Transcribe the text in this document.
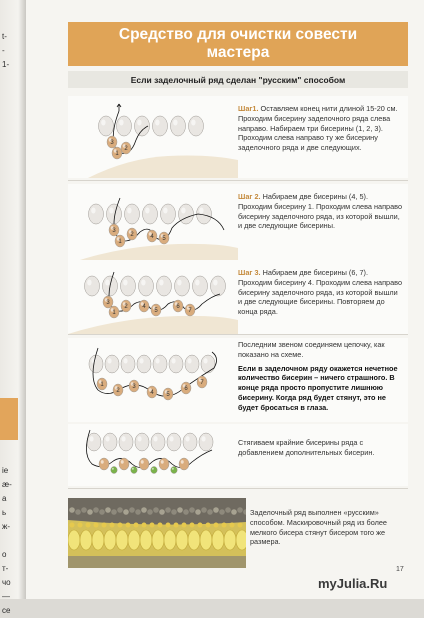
t-
-
1-
ie
æ-
a
ь
ж-
о
т-
чо
—
се
Средство для очистки совести мастера
Если заделочный ряд сделан "русским" способом
3
1
2
Шаг1. Оставляем конец нити длиной 15-20 см. Проходим бисерину заделочного ряда слева направо. Набираем три бисерины (1, 2, 3). Проходим слева направо ту же бисерину заделочного ряда и две следующих.
3
1
2	4 5
Шаг 2. Набираем две бисерины (4, 5). Проходим бисерину 1. Проходим слева направо бисерину заделочного ряда, из которой вышли, и две следующие бисерины.
3
1
2 4
5
6
7
Шаг 3. Набираем две бисерины (6, 7). Проходим бисерину 4. Проходим слева направо бисерину заделочного ряда, из которой вышли и две следующие бисерины. Повторяем до конца ряда.
1
2
3
4 5
6
7
Последним звеном соединяем цепочку, как показано на схеме.
Если в заделочном ряду окажется нечетное количество бисерин – ничего страшного. В конце ряда просто пропустите лишнюю бисерину. Когда ряд будет стянут, это не будет бросаться в глаза.
Стягиваем крайние бисерины ряда с добавлением дополнительных бисерин.
Заделочный ряд выполнен «русским» способом. Маскировочный ряд из более мелкого бисера стянут бисером того же размера.
17
myJulia.Ru
